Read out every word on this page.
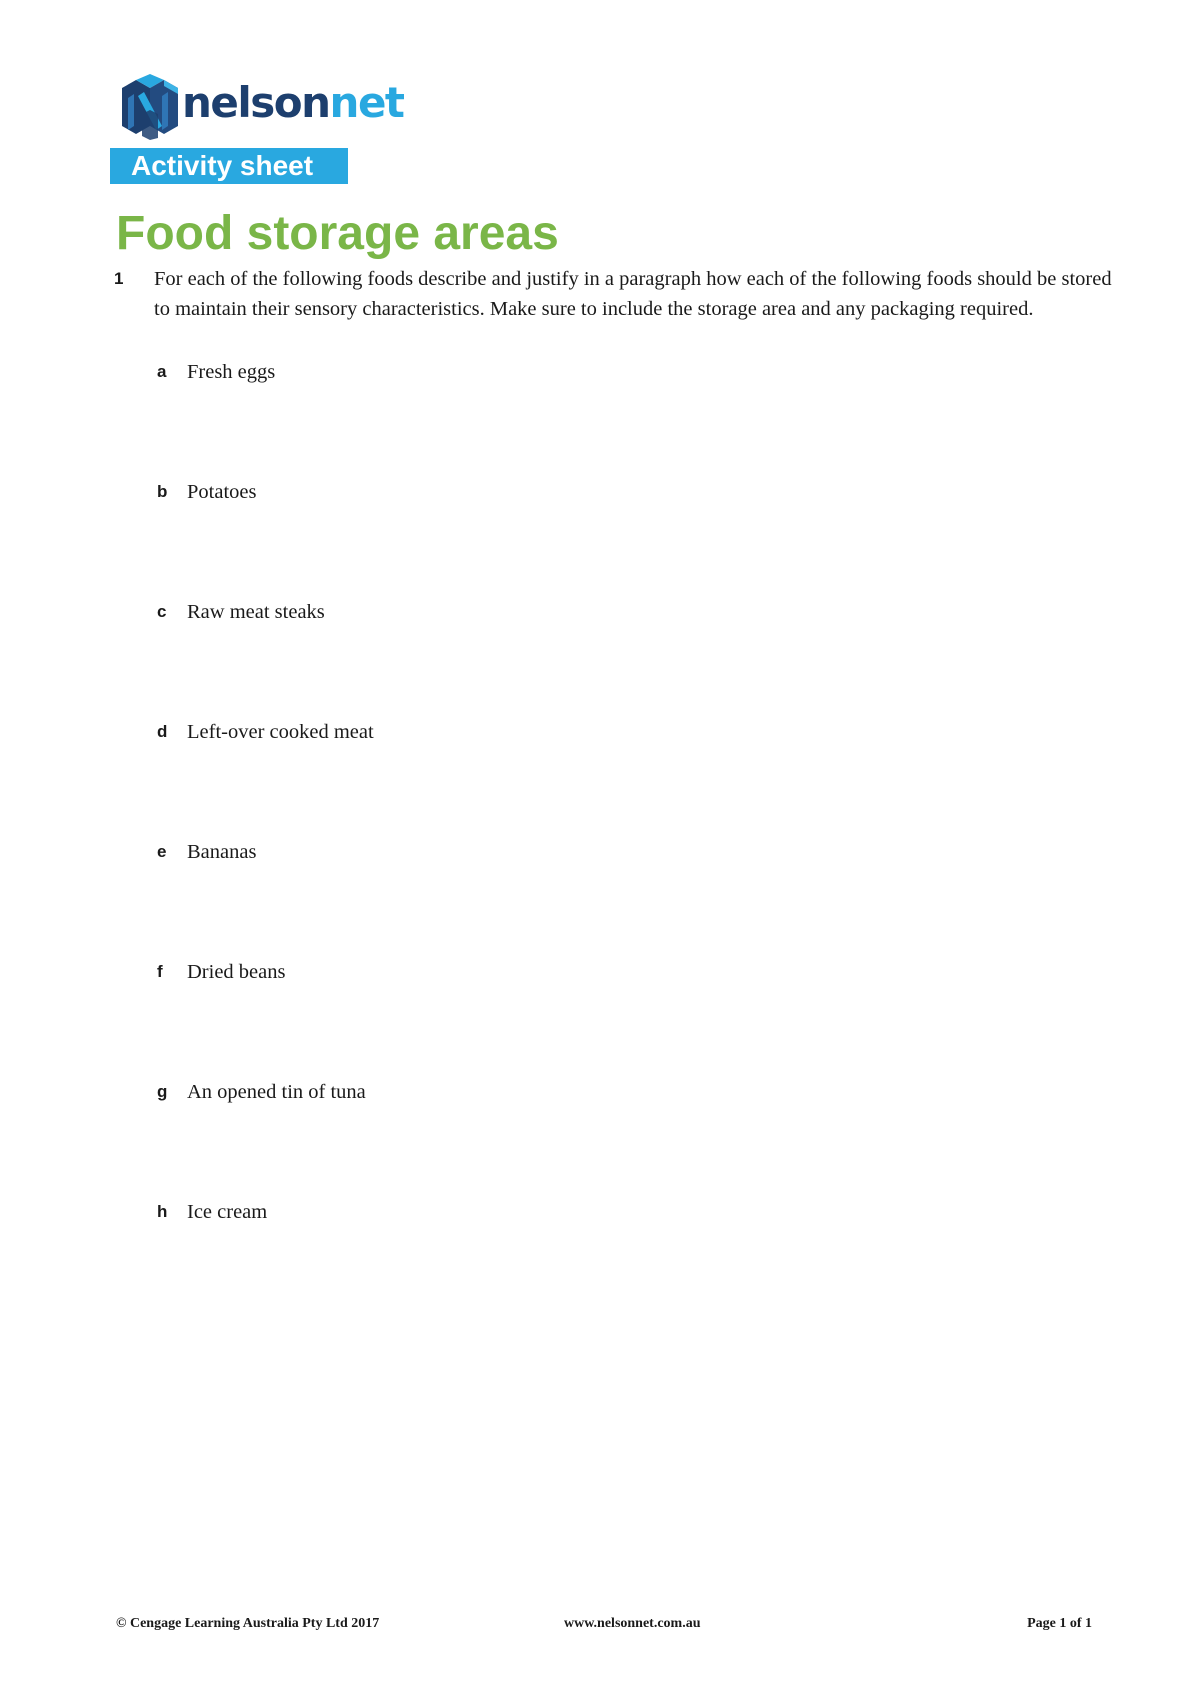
nelsonnet
Activity sheet
Food storage areas
1 For each of the following foods describe and justify in a paragraph how each of the following foods should be stored to maintain their sensory characteristics. Make sure to include the storage area and any packaging required.
a Fresh eggs
b Potatoes
c Raw meat steaks
d Left-over cooked meat
e Bananas
f Dried beans
g An opened tin of tuna
h Ice cream
© Cengage Learning Australia Pty Ltd 2017	www.nelsonnet.com.au	Page 1 of 1
